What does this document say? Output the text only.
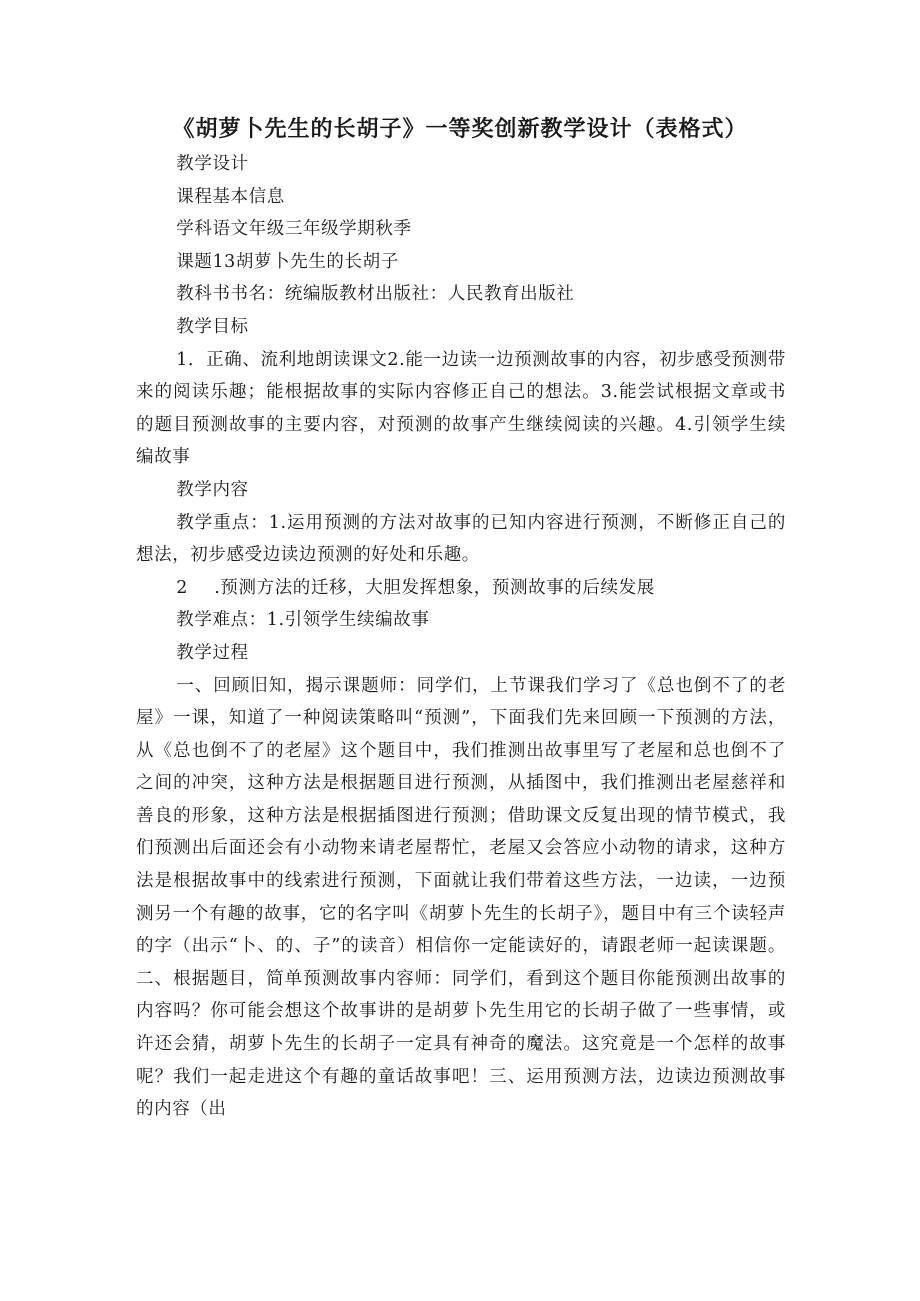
《胡萝卜先生的长胡子》一等奖创新教学设计（表格式）

教学设计

课程基本信息

学科语文年级三年级学期秋季

课题13胡萝卜先生的长胡子

教科书书名：统编版教材出版社：人民教育出版社

教学目标

1．正确、流利地朗读课文2.能一边读一边预测故事的内容，初步感受预测带来的阅读乐趣；能根据故事的实际内容修正自己的想法。3.能尝试根据文章或书的题目预测故事的主要内容，对预测的故事产生继续阅读的兴趣。4.引领学生续编故事

教学内容

教学重点：1.运用预测的方法对故事的已知内容进行预测，不断修正自己的想法，初步感受边读边预测的好处和乐趣。

2 .预测方法的迁移，大胆发挥想象，预测故事的后续发展

教学难点：1.引领学生续编故事

教学过程

一、回顾旧知，揭示课题师：同学们，上节课我们学习了《总也倒不了的老屋》一课，知道了一种阅读策略叫“预测”，下面我们先来回顾一下预测的方法，从《总也倒不了的老屋》这个题目中，我们推测出故事里写了老屋和总也倒不了之间的冲突，这种方法是根据题目进行预测，从插图中，我们推测出老屋慈祥和善良的形象，这种方法是根据插图进行预测；借助课文反复出现的情节模式，我们预测出后面还会有小动物来请老屋帮忙，老屋又会答应小动物的请求，这种方法是根据故事中的线索进行预测，下面就让我们带着这些方法，一边读，一边预测另一个有趣的故事，它的名字叫《胡萝卜先生的长胡子》，题目中有三个读轻声的字（出示“卜、的、子”的读音）相信你一定能读好的，请跟老师一起读课题。二、根据题目，简单预测故事内容师：同学们，看到这个题目你能预测出故事的内容吗？你可能会想这个故事讲的是胡萝卜先生用它的长胡子做了一些事情，或许还会猜，胡萝卜先生的长胡子一定具有神奇的魔法。这究竟是一个怎样的故事呢？我们一起走进这个有趣的童话故事吧！三、运用预测方法，边读边预测故事的内容（出
